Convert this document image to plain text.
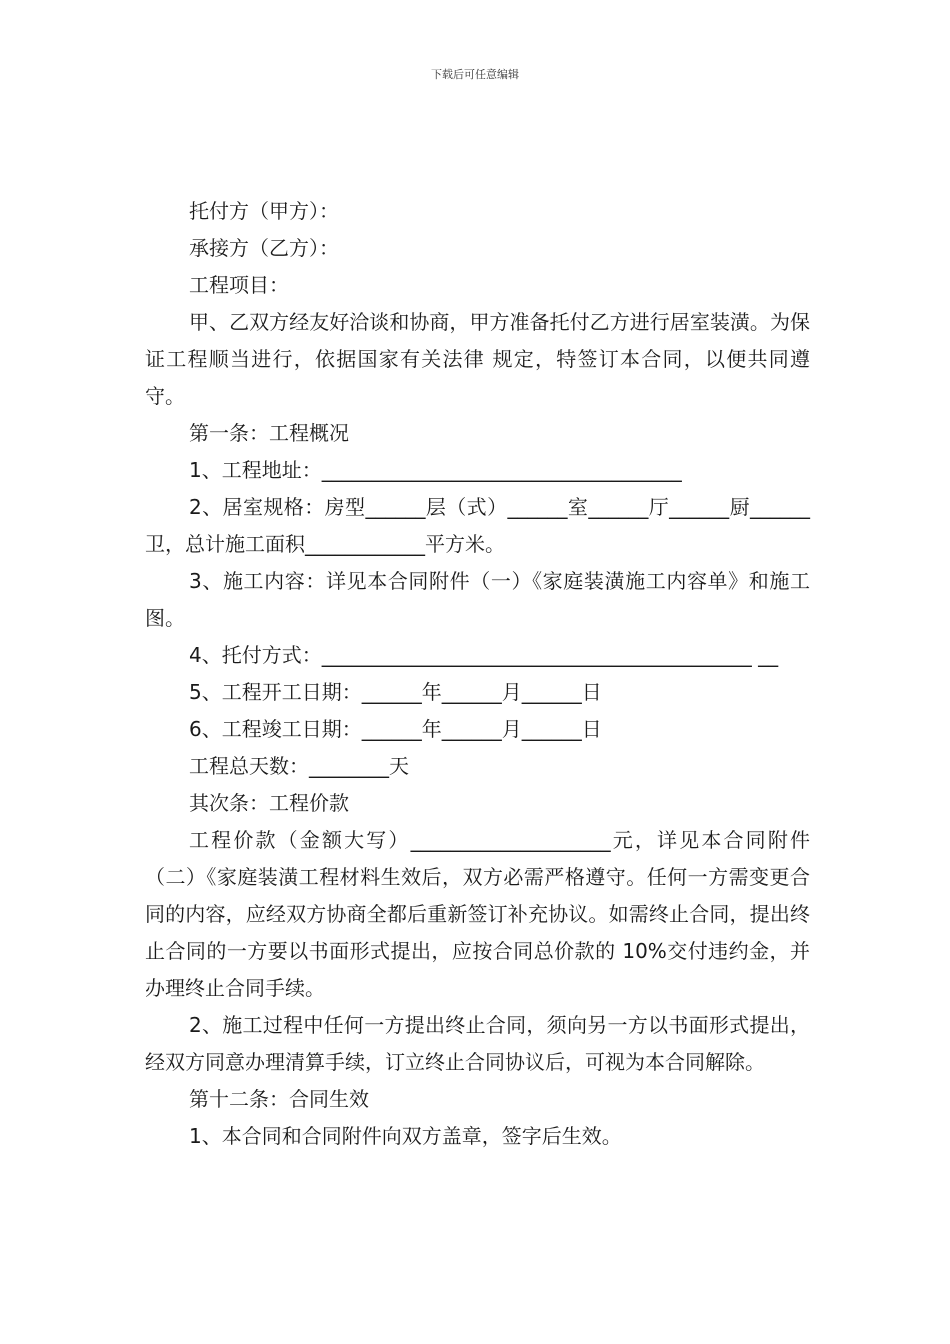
下载后可任意编辑

托付方（甲方）：

承接方（乙方）：

工程项目：

甲、乙双方经友好洽谈和协商，甲方准备托付乙方进行居室装潢。为保证工程顺当进行，依据国家有关法律 规定，特签订本合同，以便共同遵守。

第一条：工程概况

1、工程地址：____________________________________

2、居室规格：房型______层（式）______室______厅______厨______卫，总计施工面积____________平方米。

3、施工内容：详见本合同附件（一）《家庭装潢施工内容单》和施工图。

4、托付方式：___________________________________________ __

5、工程开工日期：______年______月______日

6、工程竣工日期：______年______月______日

工程总天数：________天

其次条：工程价款

工程价款（金额大写）____________________元，详见本合同附件（二）《家庭装潢工程材料生效后，双方必需严格遵守。任何一方需变更合同的内容，应经双方协商全都后重新签订补充协议。如需终止合同，提出终止合同的一方要以书面形式提出，应按合同总价款的 10%交付违约金，并办理终止合同手续。

2、施工过程中任何一方提出终止合同，须向另一方以书面形式提出，经双方同意办理清算手续，订立终止合同协议后，可视为本合同解除。

第十二条：合同生效

1、本合同和合同附件向双方盖章，签字后生效。
